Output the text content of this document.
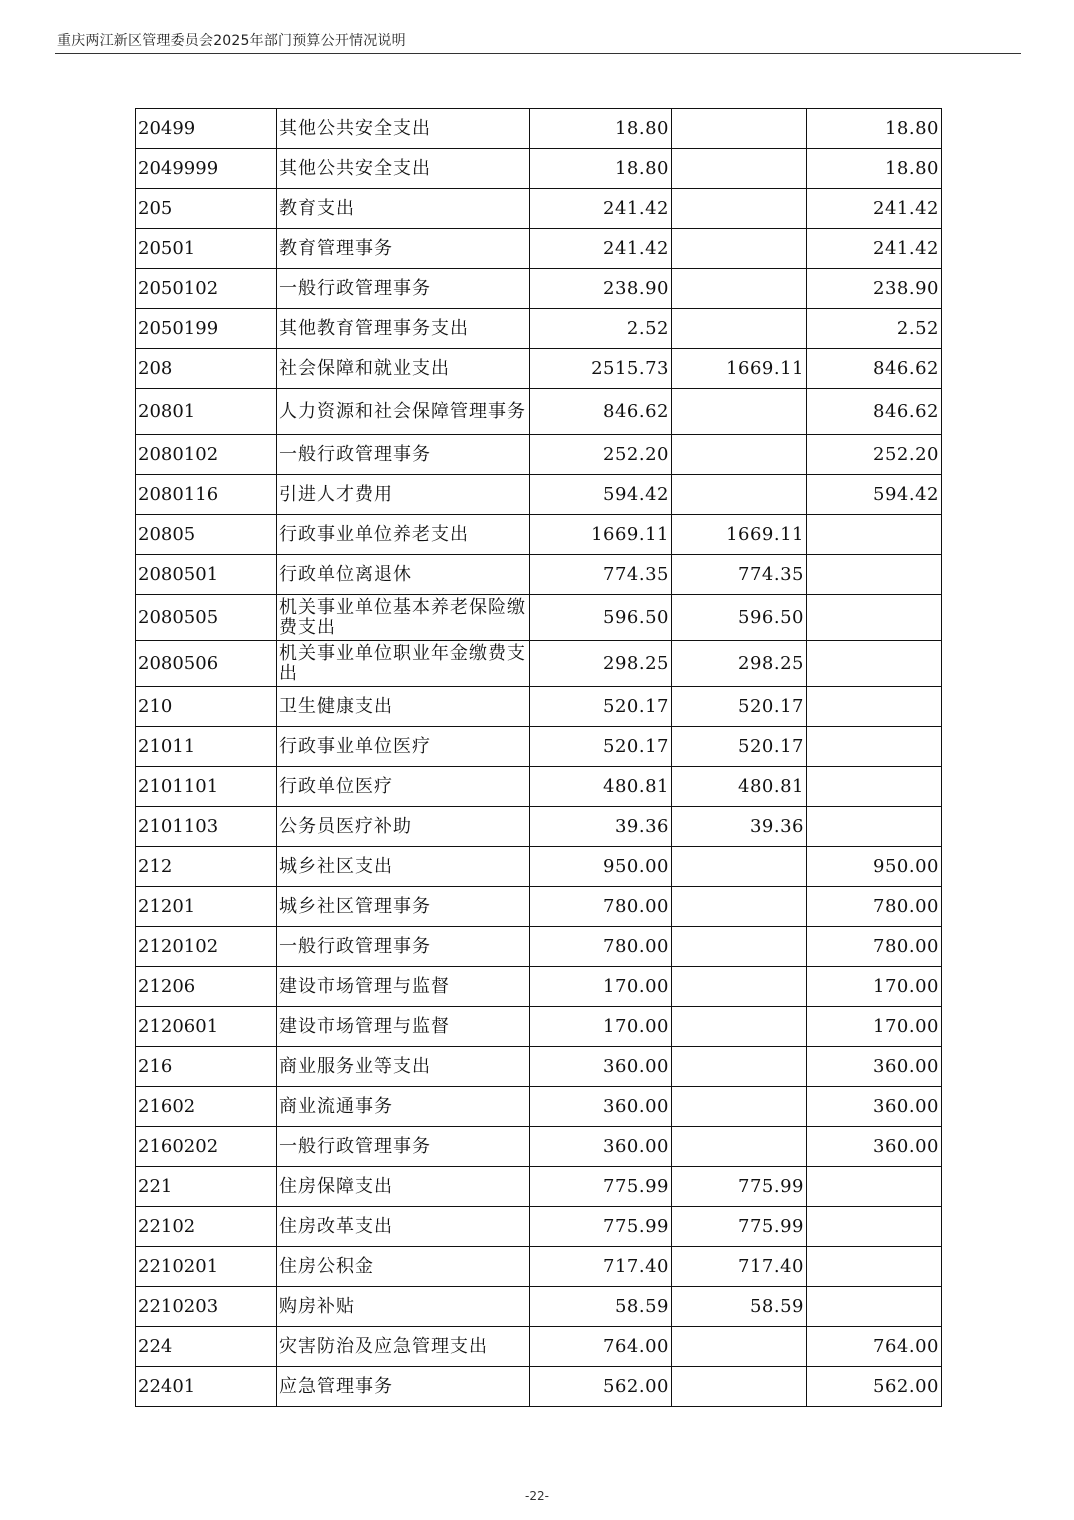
重庆两江新区管理委员会2025年部门预算公开情况说明
20499	其他公共安全支出	18.80		18.80
2049999	其他公共安全支出	18.80		18.80
205	教育支出	241.42		241.42
20501	教育管理事务	241.42		241.42
2050102	一般行政管理事务	238.90		238.90
2050199	其他教育管理事务支出	2.52		2.52
208	社会保障和就业支出	2515.73	1669.11	846.62
20801	人力资源和社会保障管理事务	846.62		846.62
2080102	一般行政管理事务	252.20		252.20
2080116	引进人才费用	594.42		594.42
20805	行政事业单位养老支出	1669.11	1669.11	
2080501	行政单位离退休	774.35	774.35	
2080505	机关事业单位基本养老保险缴费支出	596.50	596.50	
2080506	机关事业单位职业年金缴费支出	298.25	298.25	
210	卫生健康支出	520.17	520.17	
21011	行政事业单位医疗	520.17	520.17	
2101101	行政单位医疗	480.81	480.81	
2101103	公务员医疗补助	39.36	39.36	
212	城乡社区支出	950.00		950.00
21201	城乡社区管理事务	780.00		780.00
2120102	一般行政管理事务	780.00		780.00
21206	建设市场管理与监督	170.00		170.00
2120601	建设市场管理与监督	170.00		170.00
216	商业服务业等支出	360.00		360.00
21602	商业流通事务	360.00		360.00
2160202	一般行政管理事务	360.00		360.00
221	住房保障支出	775.99	775.99	
22102	住房改革支出	775.99	775.99	
2210201	住房公积金	717.40	717.40	
2210203	购房补贴	58.59	58.59	
224	灾害防治及应急管理支出	764.00		764.00
22401	应急管理事务	562.00		562.00
-22-
